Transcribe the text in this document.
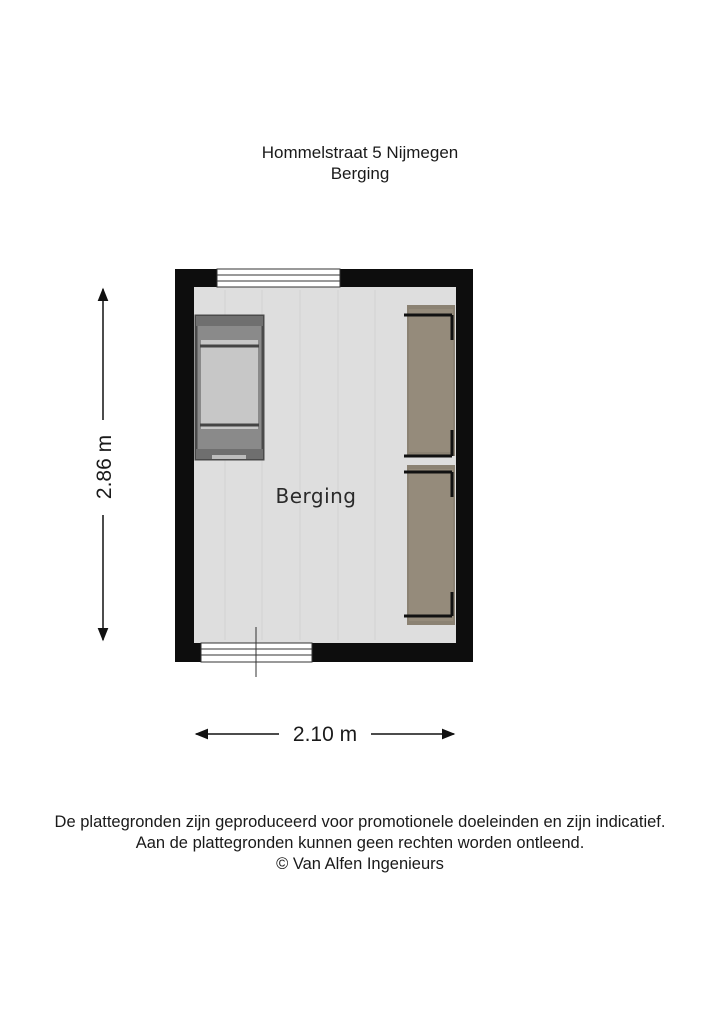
Hommelstraat 5 Nijmegen
Berging
Berging
2.86 m
2.10 m
De plattegronden zijn geproduceerd voor promotionele doeleinden en zijn indicatief.
Aan de plattegronden kunnen geen rechten worden ontleend.
© Van Alfen Ingenieurs
